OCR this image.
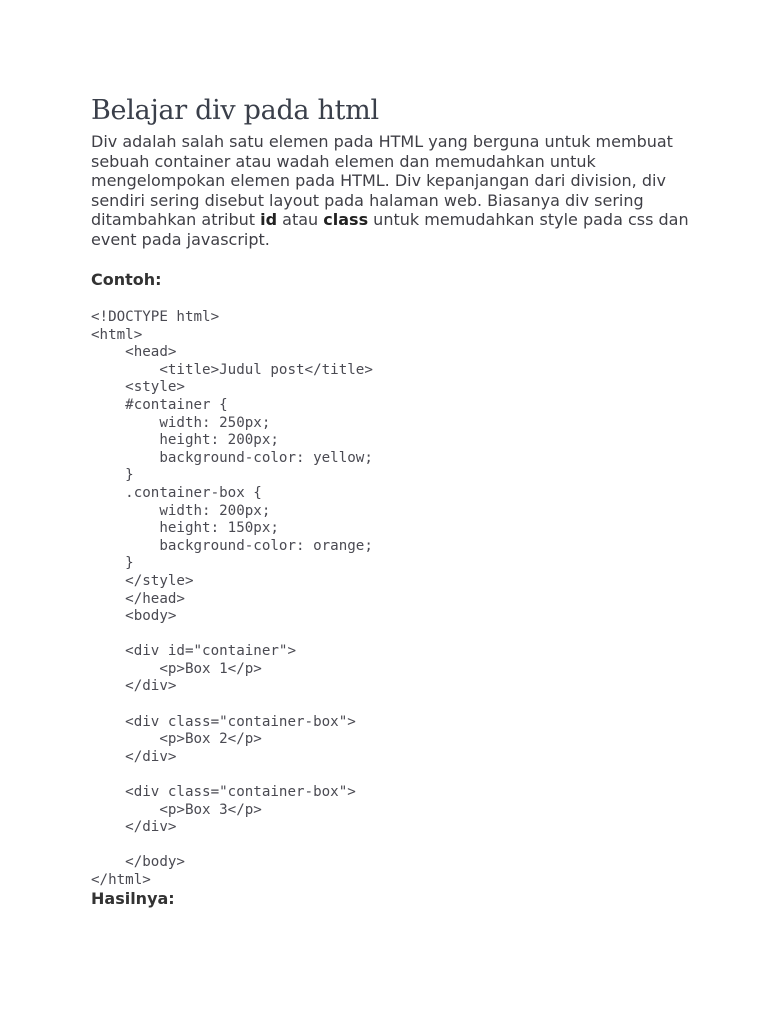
Belajar div pada html

Div adalah salah satu elemen pada HTML yang berguna untuk membuat sebuah container atau wadah elemen dan memudahkan untuk mengelompokan elemen pada HTML. Div kepanjangan dari division, div sendiri sering disebut layout pada halaman web. Biasanya div sering ditambahkan atribut id atau class untuk memudahkan style pada css dan event pada javascript.

Contoh:

<!DOCTYPE html>
<html>
<head>
<title>Judul post</title>
<style>
#container {
width: 250px;
height: 200px;
background-color: yellow;
}
.container-box {
width: 200px;
height: 150px;
background-color: orange;
}
</style>
</head>
<body>
<div id="container">
<p>Box 1</p>
</div>
<div class="container-box">
<p>Box 2</p>
</div>
<div class="container-box">
<p>Box 3</p>
</div>
</body>
</html>

Hasilnya:
